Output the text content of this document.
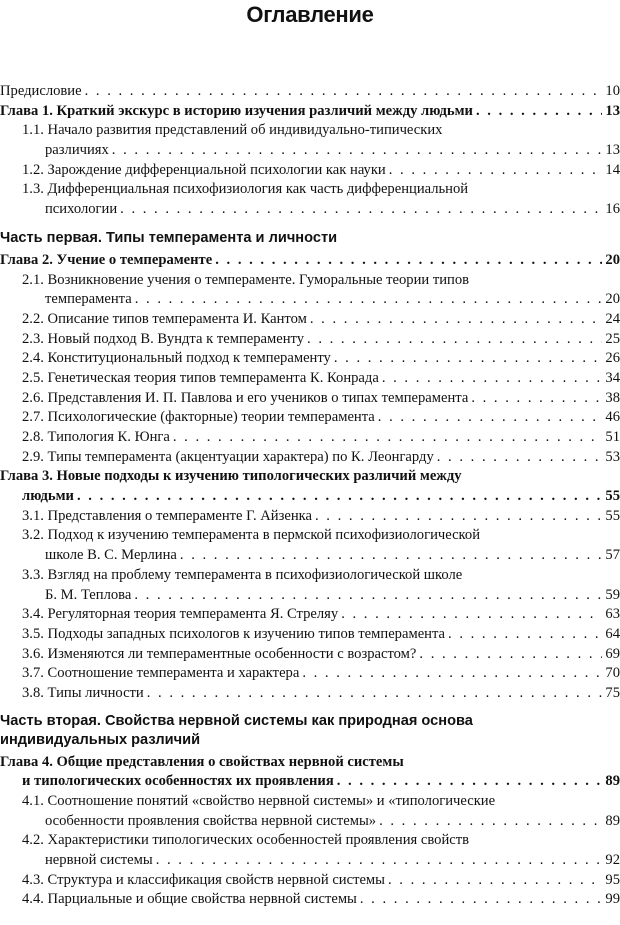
Оглавление
Предисловие . . .	10
Глава 1. Краткий экскурс в историю изучения различий между людьми . . .	13
1.1. Начало развития представлений об индивидуально-типических
различиях . . .	13
1.2. Зарождение дифференциальной психологии как науки . . .	14
1.3. Дифференциальная психофизиология как часть дифференциальной
психологии . . .	16
Часть первая. Типы темперамента и личности
Глава 2. Учение о темпераменте . . .	20
2.1. Возникновение учения о темпераменте. Гуморальные теории типов
темперамента . . .	20
2.2. Описание типов темперамента И. Кантом . . .	24
2.3. Новый подход В. Вундта к темпераменту . . .	25
2.4. Конституциональный подход к темпераменту . . .	26
2.5. Генетическая теория типов темперамента К. Конрада . . .	34
2.6. Представления И. П. Павлова и его учеников о типах темперамента . . .	38
2.7. Психологические (факторные) теории темперамента . . .	46
2.8. Типология К. Юнга . . .	51
2.9. Типы темперамента (акцентуации характера) по К. Леонгарду . . .	53
Глава 3. Новые подходы к изучению типологических различий между
людьми . . .	55
3.1. Представления о темпераменте Г. Айзенка . . .	55
3.2. Подход к изучению темперамента в пермской психофизиологической
школе В. С. Мерлина . . .	57
3.3. Взгляд на проблему темперамента в психофизиологической школе
Б. М. Теплова . . .	59
3.4. Регуляторная теория темперамента Я. Стреляу . . .	63
3.5. Подходы западных психологов к изучению типов темперамента . . .	64
3.6. Изменяются ли темпераментные особенности с возрастом? . . .	69
3.7. Соотношение темперамента и характера . . .	70
3.8. Типы личности . . .	75
Часть вторая. Свойства нервной системы как природная основа
индивидуальных различий
Глава 4. Общие представления о свойствах нервной системы
и типологических особенностях их проявления . . .	89
4.1. Соотношение понятий «свойство нервной системы» и «типологические
особенности проявления свойства нервной системы» . . .	89
4.2. Характеристики типологических особенностей проявления свойств
нервной системы . . .	92
4.3. Структура и классификация свойств нервной системы . . .	95
4.4. Парциальные и общие свойства нервной системы . . .	99
